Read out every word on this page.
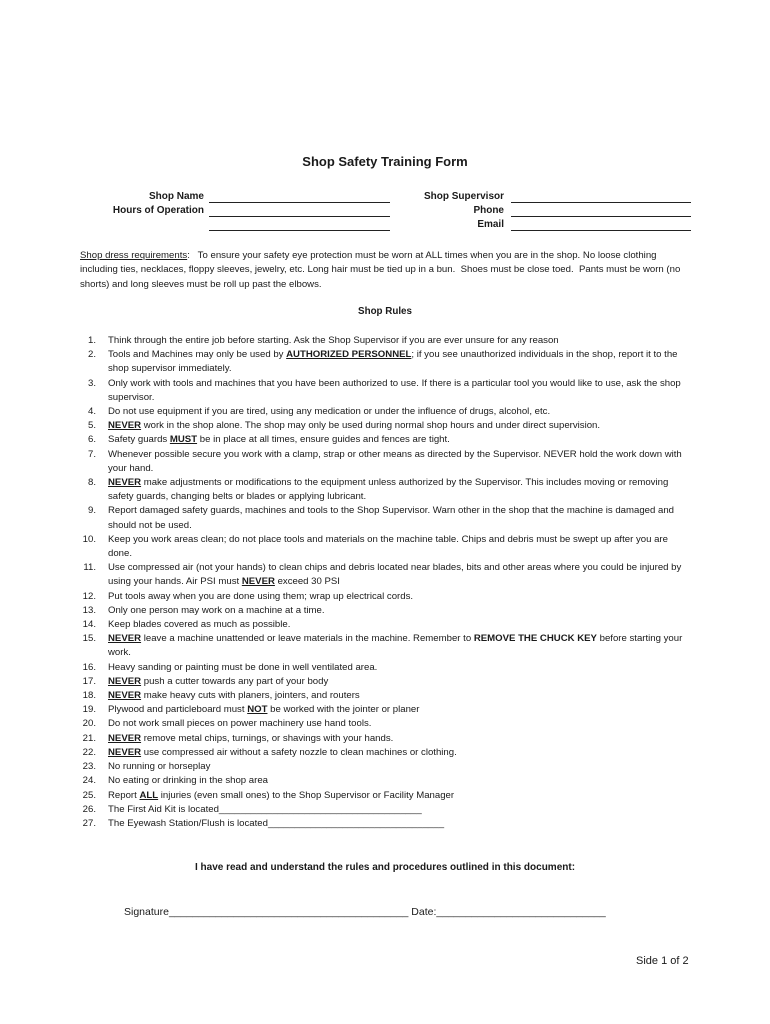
Shop Safety Training Form
Shop Name
Hours of Operation
Shop Supervisor
Phone
Email
Shop dress requirements:   To ensure your safety eye protection must be worn at ALL times when you are in the shop. No loose clothing including ties, necklaces, floppy sleeves, jewelry, etc. Long hair must be tied up in a bun.  Shoes must be close toed.  Pants must be worn (no shorts) and long sleeves must be roll up past the elbows.
Shop Rules
1. Think through the entire job before starting. Ask the Shop Supervisor if you are ever unsure for any reason
2. Tools and Machines may only be used by AUTHORIZED PERSONNEL; if you see unauthorized individuals in the shop, report it to the shop supervisor immediately.
3. Only work with tools and machines that you have been authorized to use. If there is a particular tool you would like to use, ask the shop supervisor.
4. Do not use equipment if you are tired, using any medication or under the influence of drugs, alcohol, etc.
5. NEVER work in the shop alone. The shop may only be used during normal shop hours and under direct supervision.
6. Safety guards MUST be in place at all times, ensure guides and fences are tight.
7. Whenever possible secure you work with a clamp, strap or other means as directed by the Supervisor. NEVER hold the work down with your hand.
8. NEVER make adjustments or modifications to the equipment unless authorized by the Supervisor. This includes moving or removing safety guards, changing belts or blades or applying lubricant.
9. Report damaged safety guards, machines and tools to the Shop Supervisor. Warn other in the shop that the machine is damaged and should not be used.
10. Keep you work areas clean; do not place tools and materials on the machine table. Chips and debris must be swept up after you are done.
11. Use compressed air (not your hands) to clean chips and debris located near blades, bits and other areas where you could be injured by using your hands. Air PSI must NEVER exceed 30 PSI
12. Put tools away when you are done using them; wrap up electrical cords.
13. Only one person may work on a machine at a time.
14. Keep blades covered as much as possible.
15. NEVER leave a machine unattended or leave materials in the machine. Remember to REMOVE THE CHUCK KEY before starting your work.
16. Heavy sanding or painting must be done in well ventilated area.
17. NEVER push a cutter towards any part of your body
18. NEVER make heavy cuts with planers, jointers, and routers
19. Plywood and particleboard must NOT be worked with the jointer or planer
20. Do not work small pieces on power machinery use hand tools.
21. NEVER remove metal chips, turnings, or shavings with your hands.
22. NEVER use compressed air without a safety nozzle to clean machines or clothing.
23. No running or horseplay
24. No eating or drinking in the shop area
25. Report ALL injuries (even small ones) to the Shop Supervisor or Facility Manager
26. The First Aid Kit is located______________________________________
27. The Eyewash Station/Flush is located_________________________________
I have read and understand the rules and procedures outlined in this document:
Signature_________________________________________ Date:_____________________________
Side 1 of 2
